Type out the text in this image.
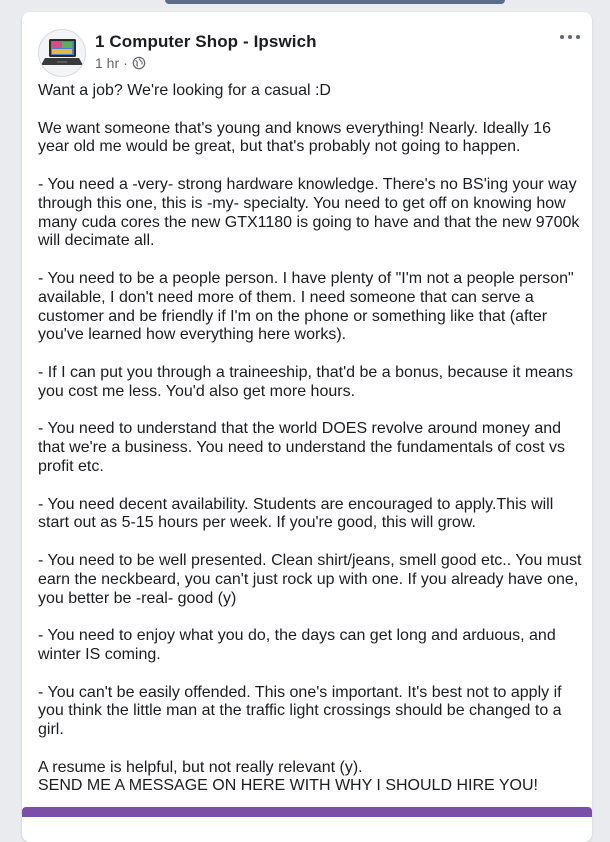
1 Computer Shop - Ipswich
1 hr ·

Want a job? We're looking for a casual :D

We want someone that's young and knows everything! Nearly. Ideally 16 year old me would be great, but that's probably not going to happen.

- You need a -very- strong hardware knowledge. There's no BS'ing your way through this one, this is -my- specialty. You need to get off on knowing how many cuda cores the new GTX1180 is going to have and that the new 9700k will decimate all.

- You need to be a people person. I have plenty of "I'm not a people person" available, I don't need more of them. I need someone that can serve a customer and be friendly if I'm on the phone or something like that (after you've learned how everything here works).

- If I can put you through a traineeship, that'd be a bonus, because it means you cost me less. You'd also get more hours.

- You need to understand that the world DOES revolve around money and that we're a business. You need to understand the fundamentals of cost vs profit etc.

- You need decent availability. Students are encouraged to apply.This will start out as 5-15 hours per week. If you're good, this will grow.

- You need to be well presented. Clean shirt/jeans, smell good etc.. You must earn the neckbeard, you can't just rock up with one. If you already have one, you better be -real- good (y)

- You need to enjoy what you do, the days can get long and arduous, and winter IS coming.

- You can't be easily offended. This one's important. It's best not to apply if you think the little man at the traffic light crossings should be changed to a girl.

A resume is helpful, but not really relevant (y).
SEND ME A MESSAGE ON HERE WITH WHY I SHOULD HIRE YOU!
